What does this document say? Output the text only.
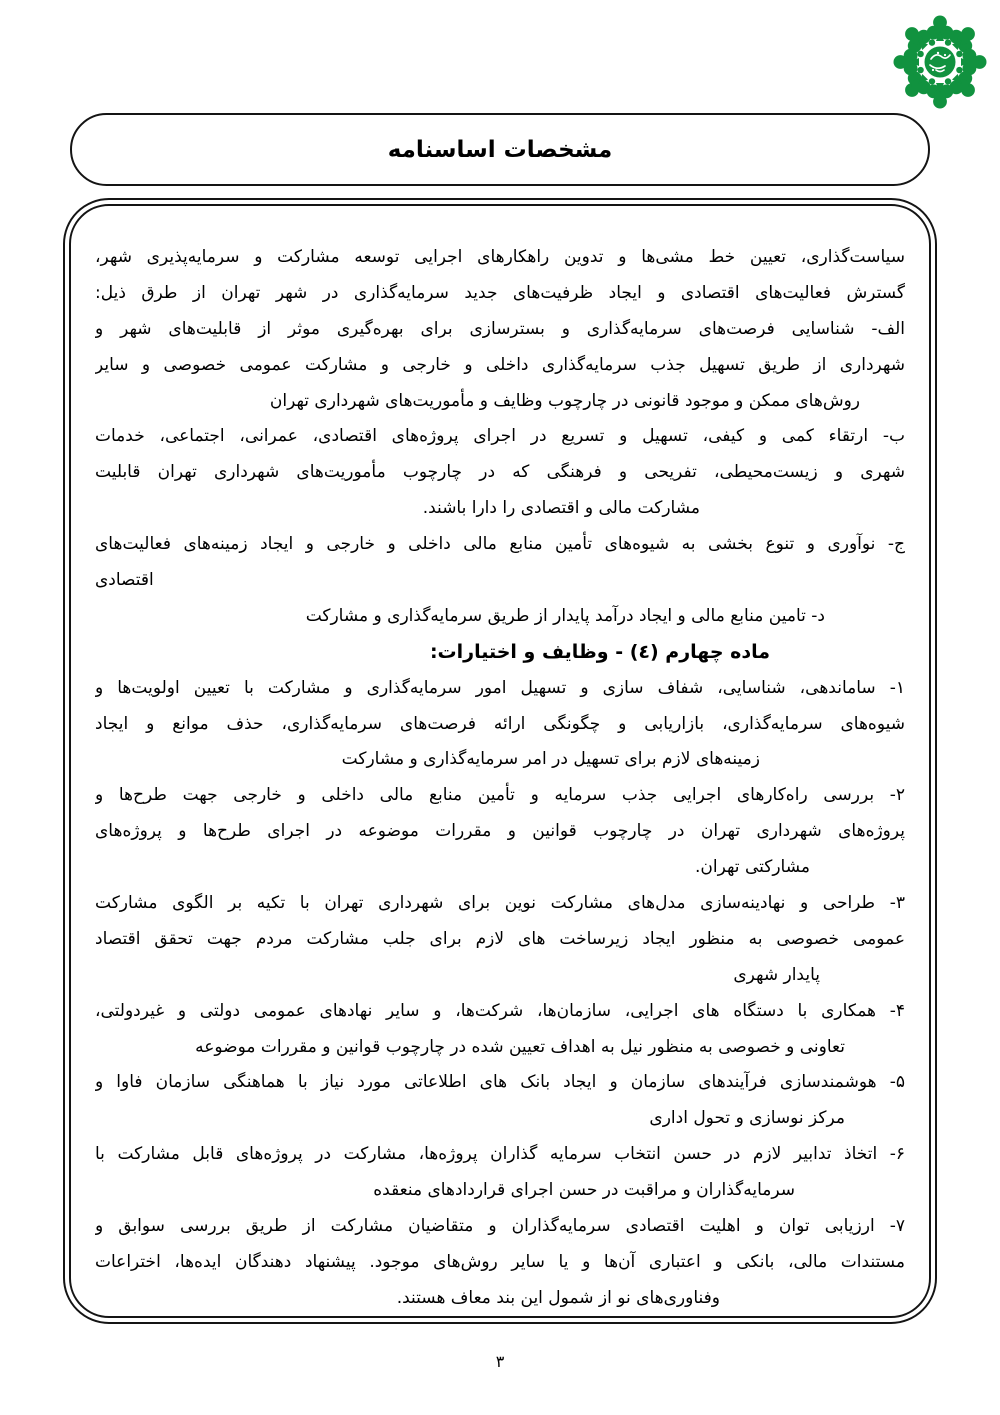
مشخصات اساسنامه
سیاست‌گذاری، تعیین خط مشی‌ها و تدوین راهکارهای اجرایی توسعه مشارکت و سرمایه‌پذیری شهر،
گسترش فعالیت‌های اقتصادی و ایجاد ظرفیت‌های جدید سرمایه‌گذاری در شهر تهران از طرق ذیل:
الف- شناسایی فرصت‌های سرمایه‌گذاری و بسترسازی برای بهره‌گیری موثر از قابلیت‌های شهر و
شهرداری از طریق تسهیل جذب سرمایه‌گذاری داخلی و خارجی و مشارکت عمومی خصوصی و سایر
روش‌های ممکن و موجود قانونی در چارچوب وظایف و مأموریت‌های شهرداری تهران
ب- ارتقاء کمی و کیفی، تسهیل و تسریع در اجرای پروژه‌های اقتصادی، عمرانی، اجتماعی، خدمات
شهری و زیست‌محیطی، تفریحی و فرهنگی که در چارچوب مأموریت‌های شهرداری تهران قابلیت
مشارکت مالی و اقتصادی را دارا باشند.
ج- نوآوری و تنوع بخشی به شیوه‌های تأمین منابع مالی داخلی و خارجی و ایجاد زمینه‌های فعالیت‌های
اقتصادی
د- تامین منابع مالی و ایجاد درآمد پایدار از طریق سرمایه‌گذاری و مشارکت
ماده چهارم (٤) - وظایف و اختیارات:
۱- ساماندهی، شناسایی، شفاف سازی و تسهیل امور سرمایه‌گذاری و مشارکت با تعیین اولویت‌ها و
شیوه‌های سرمایه‌گذاری، بازاریابی و چگونگی ارائه فرصت‌های سرمایه‌گذاری، حذف موانع و ایجاد
زمینه‌های لازم برای تسهیل در امر سرمایه‌گذاری و مشارکت
۲- بررسی راه‌کارهای اجرایی جذب سرمایه و تأمین منابع مالی داخلی و خارجی جهت طرح‌ها و
پروژه‌های شهرداری تهران در چارچوب قوانین و مقررات موضوعه در اجرای طرح‌ها و پروژه‌های
مشارکتی تهران.
۳- طراحی و نهادینه‌سازی مدل‌های مشارکت نوین برای شهرداری تهران با تکیه بر الگوی مشارکت
عمومی خصوصی به منظور ایجاد زیرساخت های لازم برای جلب مشارکت مردم جهت تحقق اقتصاد
پایدار شهری
۴- همکاری با دستگاه های اجرایی، سازمان‌ها، شرکت‌ها، و سایر نهادهای عمومی دولتی و غیردولتی،
تعاونی و خصوصی به منظور نیل به اهداف تعیین شده در چارچوب قوانین و مقررات موضوعه
۵- هوشمندسازی فرآیندهای سازمان و ایجاد بانک های اطلاعاتی مورد نیاز با هماهنگی سازمان فاوا و
مرکز نوسازی و تحول اداری
۶- اتخاذ تدابیر لازم در حسن انتخاب سرمایه گذاران پروژه‌ها، مشارکت در پروژه‌های قابل مشارکت با
سرمایه‌گذاران و مراقبت در حسن اجرای قراردادهای منعقده
۷- ارزیابی توان و اهلیت اقتصادی سرمایه‌گذاران و متقاضیان مشارکت از طریق بررسی سوابق و
مستندات مالی، بانکی و اعتباری آن‌ها و یا سایر روش‌های موجود. پیشنهاد دهندگان ایده‌ها، اختراعات
وفناوری‌های نو از شمول این بند معاف هستند.
۳
